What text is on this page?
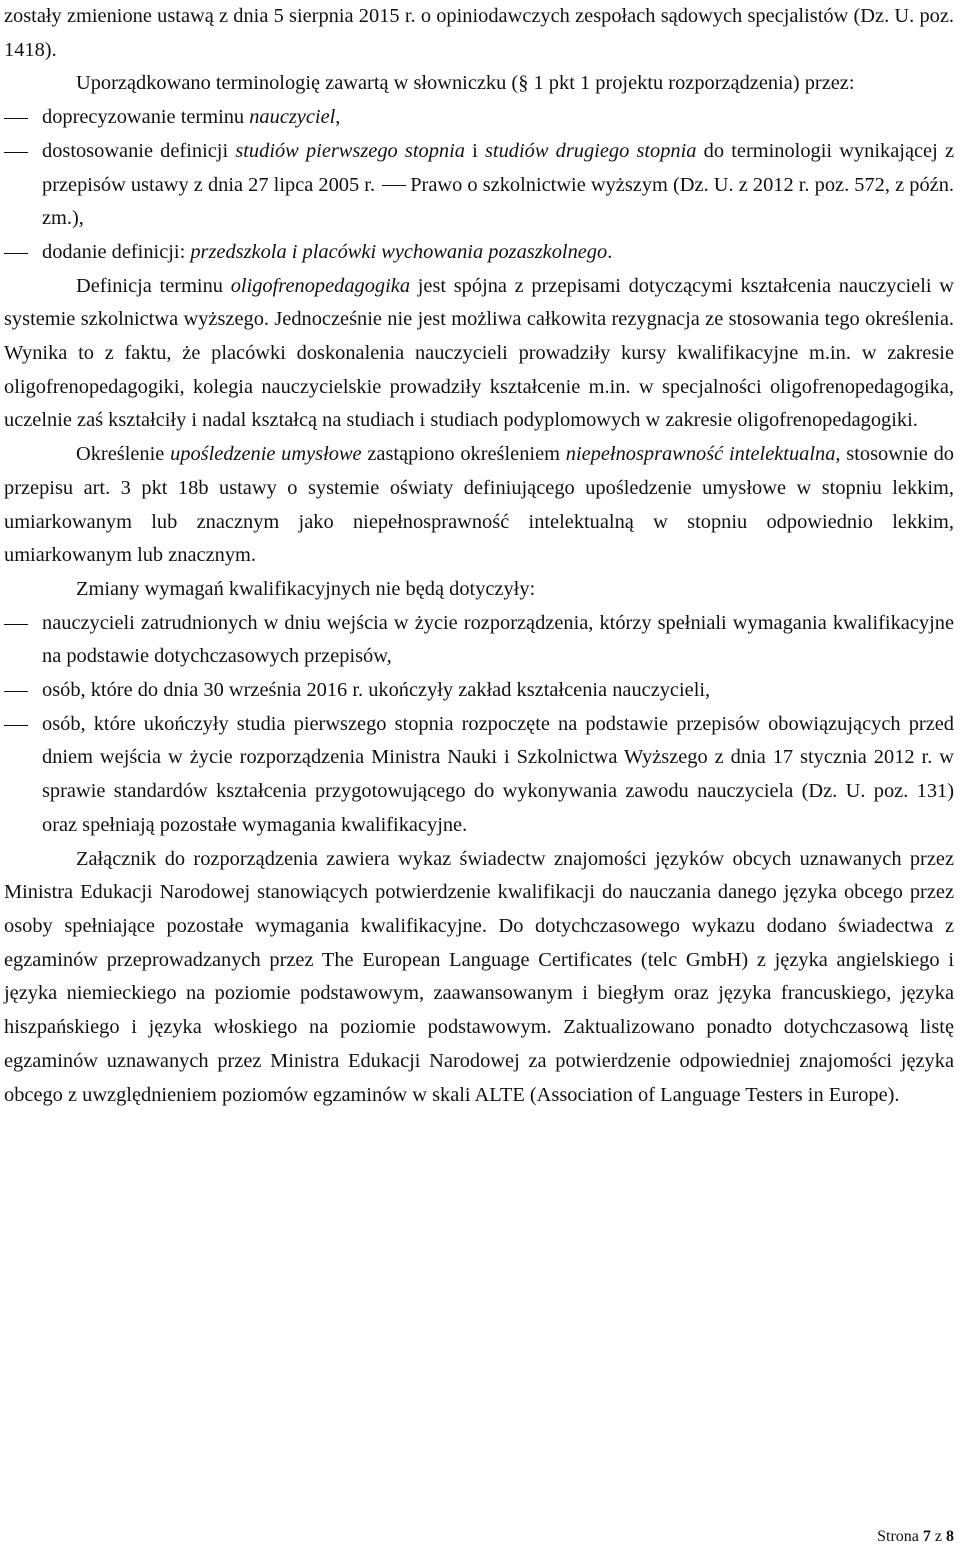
zostały zmienione ustawą z dnia 5 sierpnia 2015 r. o opiniodawczych zespołach sądowych specjalistów (Dz. U. poz. 1418).

Uporządkowano terminologię zawartą w słowniczku (§ 1 pkt 1 projektu rozporządzenia) przez:

doprecyzowanie terminu nauczyciel,
dostosowanie definicji studiów pierwszego stopnia i studiów drugiego stopnia do terminologii wynikającej z przepisów ustawy z dnia 27 lipca 2005 r. Prawo o szkolnictwie wyższym (Dz. U. z 2012 r. poz. 572, z późn. zm.),
dodanie definicji: przedszkola i placówki wychowania pozaszkolnego.

Definicja terminu oligofrenopedagogika jest spójna z przepisami dotyczącymi kształcenia nauczycieli w systemie szkolnictwa wyższego. Jednocześnie nie jest możliwa całkowita rezygnacja ze stosowania tego określenia. Wynika to z faktu, że placówki doskonalenia nauczycieli prowadziły kursy kwalifikacyjne m.in. w zakresie oligofrenopedagogiki, kolegia nauczycielskie prowadziły kształcenie m.in. w specjalności oligofrenopedagogika, uczelnie zaś kształciły i nadal kształcą na studiach i studiach podyplomowych w zakresie oligofrenopedagogiki.

Określenie upośledzenie umysłowe zastąpiono określeniem niepełnosprawność intelektualna, stosownie do przepisu art. 3 pkt 18b ustawy o systemie oświaty definiującego upośledzenie umysłowe w stopniu lekkim, umiarkowanym lub znacznym jako niepełnosprawność intelektualną w stopniu odpowiednio lekkim, umiarkowanym lub znacznym.

Zmiany wymagań kwalifikacyjnych nie będą dotyczyły:

nauczycieli zatrudnionych w dniu wejścia w życie rozporządzenia, którzy spełniali wymagania kwalifikacyjne na podstawie dotychczasowych przepisów,
osób, które do dnia 30 września 2016 r. ukończyły zakład kształcenia nauczycieli,
osób, które ukończyły studia pierwszego stopnia rozpoczęte na podstawie przepisów obowiązujących przed dniem wejścia w życie rozporządzenia Ministra Nauki i Szkolnictwa Wyższego z dnia 17 stycznia 2012 r. w sprawie standardów kształcenia przygotowującego do wykonywania zawodu nauczyciela (Dz. U. poz. 131) oraz spełniają pozostałe wymagania kwalifikacyjne.

Załącznik do rozporządzenia zawiera wykaz świadectw znajomości języków obcych uznawanych przez Ministra Edukacji Narodowej stanowiących potwierdzenie kwalifikacji do nauczania danego języka obcego przez osoby spełniające pozostałe wymagania kwalifikacyjne. Do dotychczasowego wykazu dodano świadectwa z egzaminów przeprowadzanych przez The European Language Certificates (telc GmbH) z języka angielskiego i języka niemieckiego na poziomie podstawowym, zaawansowanym i biegłym oraz języka francuskiego, języka hiszpańskiego i języka włoskiego na poziomie podstawowym. Zaktualizowano ponadto dotychczasową listę egzaminów uznawanych przez Ministra Edukacji Narodowej za potwierdzenie odpowiedniej znajomości języka obcego z uwzględnieniem poziomów egzaminów w skali ALTE (Association of Language Testers in Europe).

Strona 7 z 8
